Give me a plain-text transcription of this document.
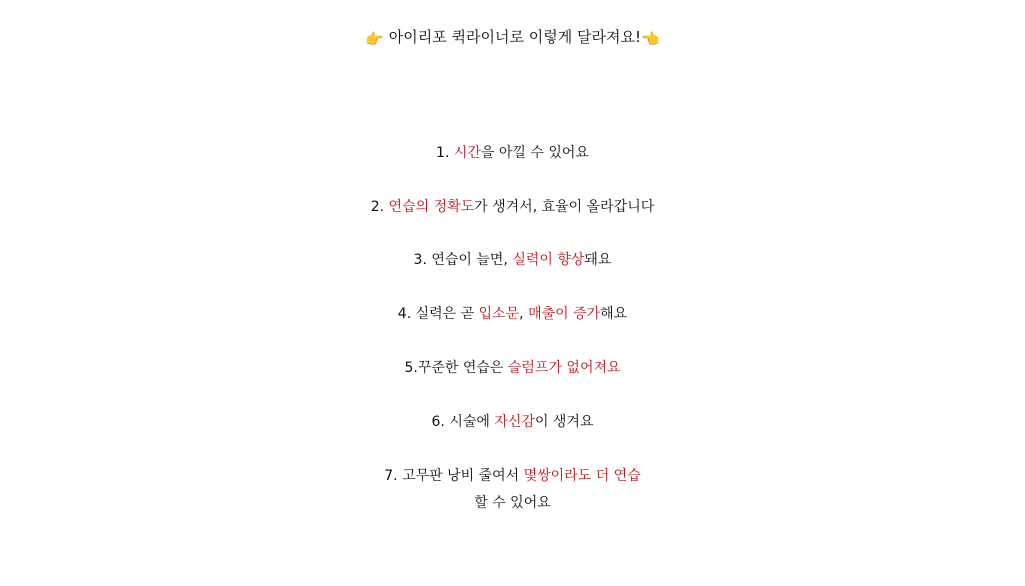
👉 아이리포 퀵라이너로 이렇게 달라져요!👈
1. 시간을 아낄 수 있어요
2. 연습의 정확도가 생겨서, 효율이 올라갑니다
3. 연습이 늘면, 실력이 향상돼요
4. 실력은 곧 입소문, 매출이 증가해요
5.꾸준한 연습은 슬럼프가 없어져요
6. 시술에 자신감이 생겨요
7. 고무판 낭비 줄여서 몇쌍이라도 더 연습
할 수 있어요
